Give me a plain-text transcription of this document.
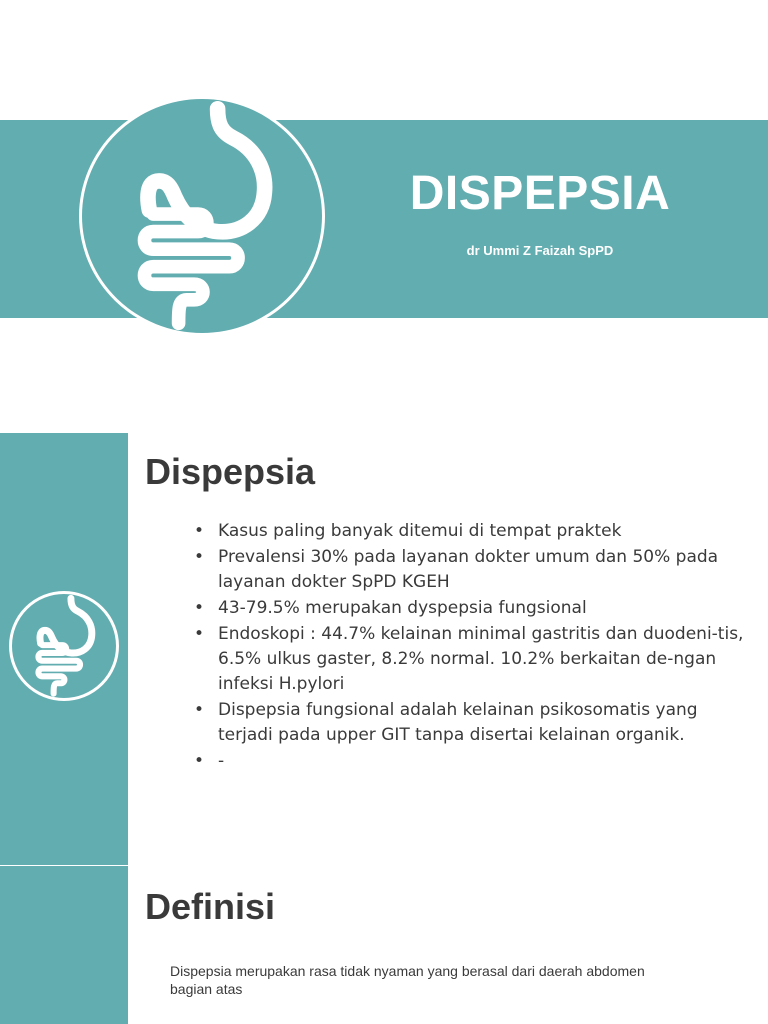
DISPEPSIA
dr Ummi Z Faizah SpPD
Dispepsia
• Kasus paling banyak ditemui di tempat praktek
• Prevalensi 30% pada layanan dokter umum dan 50% pada layanan dokter SpPD KGEH
• 43-79.5% merupakan dyspepsia fungsional
• Endoskopi : 44.7% kelainan minimal gastritis dan duodeni-tis, 6.5% ulkus gaster, 8.2% normal. 10.2% berkaitan de-ngan infeksi H.pylori
• Dispepsia fungsional adalah kelainan psikosomatis yang terjadi pada upper GIT tanpa disertai kelainan organik.
• -
Definisi
Dispepsia merupakan rasa tidak nyaman yang berasal dari daerah abdomen bagian atas
